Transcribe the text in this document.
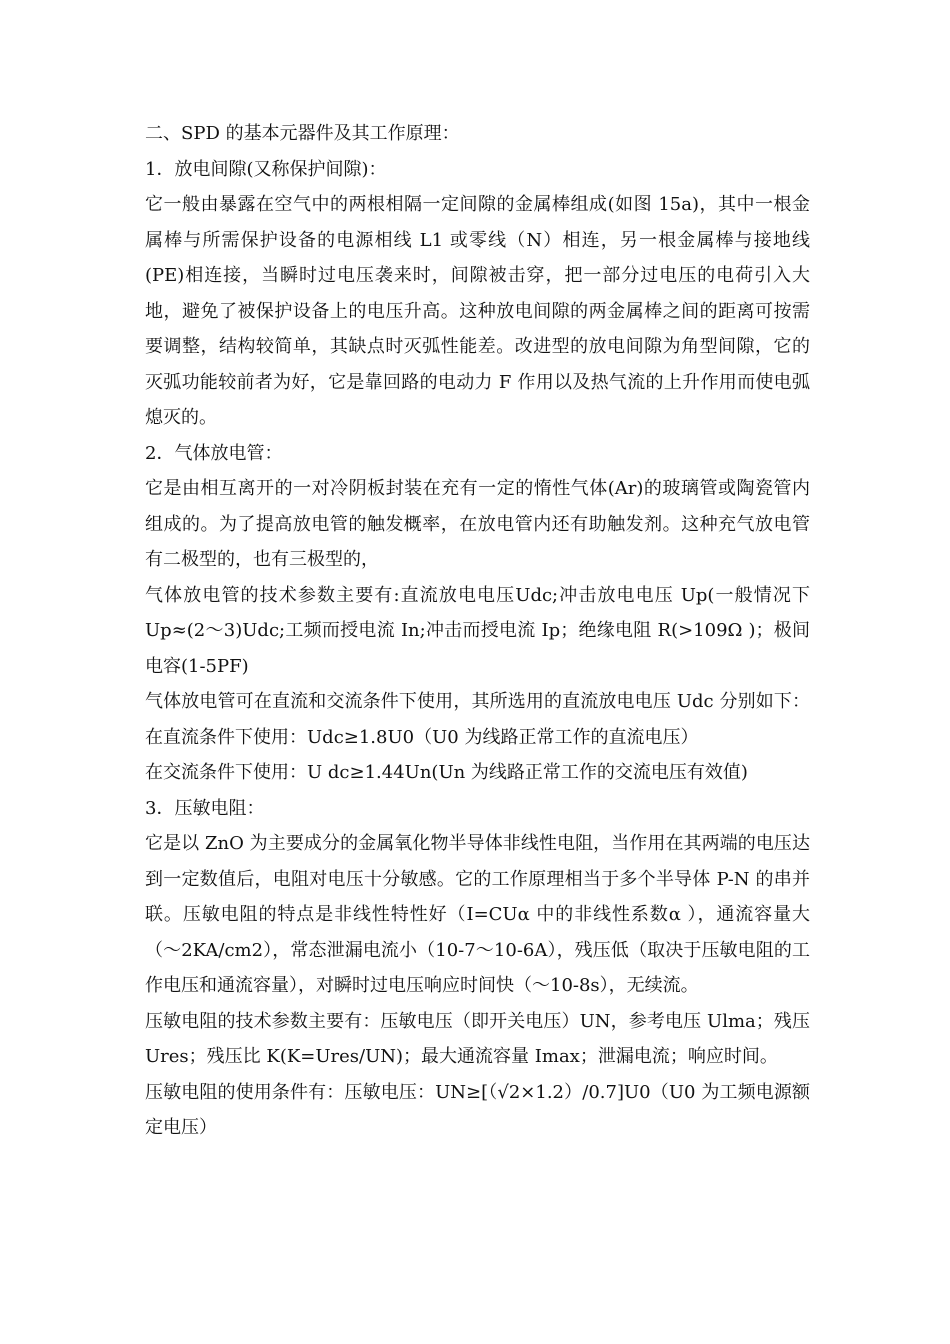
二、SPD 的基本元器件及其工作原理：

1．放电间隙(又称保护间隙)：

它一般由暴露在空气中的两根相隔一定间隙的金属棒组成(如图 15a)，其中一根金属棒与所需保护设备的电源相线 L1 或零线（N）相连，另一根金属棒与接地线(PE)相连接，当瞬时过电压袭来时，间隙被击穿，把一部分过电压的电荷引入大地，避免了被保护设备上的电压升高。这种放电间隙的两金属棒之间的距离可按需要调整，结构较简单，其缺点时灭弧性能差。改进型的放电间隙为角型间隙，它的灭弧功能较前者为好，它是靠回路的电动力 F 作用以及热气流的上升作用而使电弧熄灭的。

2．气体放电管：

它是由相互离开的一对冷阴板封装在充有一定的惰性气体(Ar)的玻璃管或陶瓷管内组成的。为了提高放电管的触发概率，在放电管内还有助触发剂。这种充气放电管有二极型的，也有三极型的，

气体放电管的技术参数主要有:直流放电电压Udc;冲击放电电压 Up(一般情况下Up≈(2～3)Udc;工频而授电流 In;冲击而授电流 Ip；绝缘电阻 R(>109Ω )；极间电容(1-5PF)

气体放电管可在直流和交流条件下使用，其所选用的直流放电电压 Udc 分别如下：在直流条件下使用：Udc≥1.8U0（U0 为线路正常工作的直流电压）

在交流条件下使用：U dc≥1.44Un(Un 为线路正常工作的交流电压有效值)

3．压敏电阻：

它是以 ZnO 为主要成分的金属氧化物半导体非线性电阻，当作用在其两端的电压达到一定数值后，电阻对电压十分敏感。它的工作原理相当于多个半导体 P-N 的串并联。压敏电阻的特点是非线性特性好（I=CUα 中的非线性系数α ），通流容量大（～2KA/cm2），常态泄漏电流小（10-7～10-6A），残压低（取决于压敏电阻的工作电压和通流容量），对瞬时过电压响应时间快（～10-8s），无续流。

压敏电阻的技术参数主要有：压敏电压（即开关电压）UN，参考电压 Ulma；残压 Ures；残压比 K(K=Ures/UN)；最大通流容量 Imax；泄漏电流；响应时间。

压敏电阻的使用条件有：压敏电压：UN≥[（√2×1.2）/0.7]U0（U0 为工频电源额定电压）
